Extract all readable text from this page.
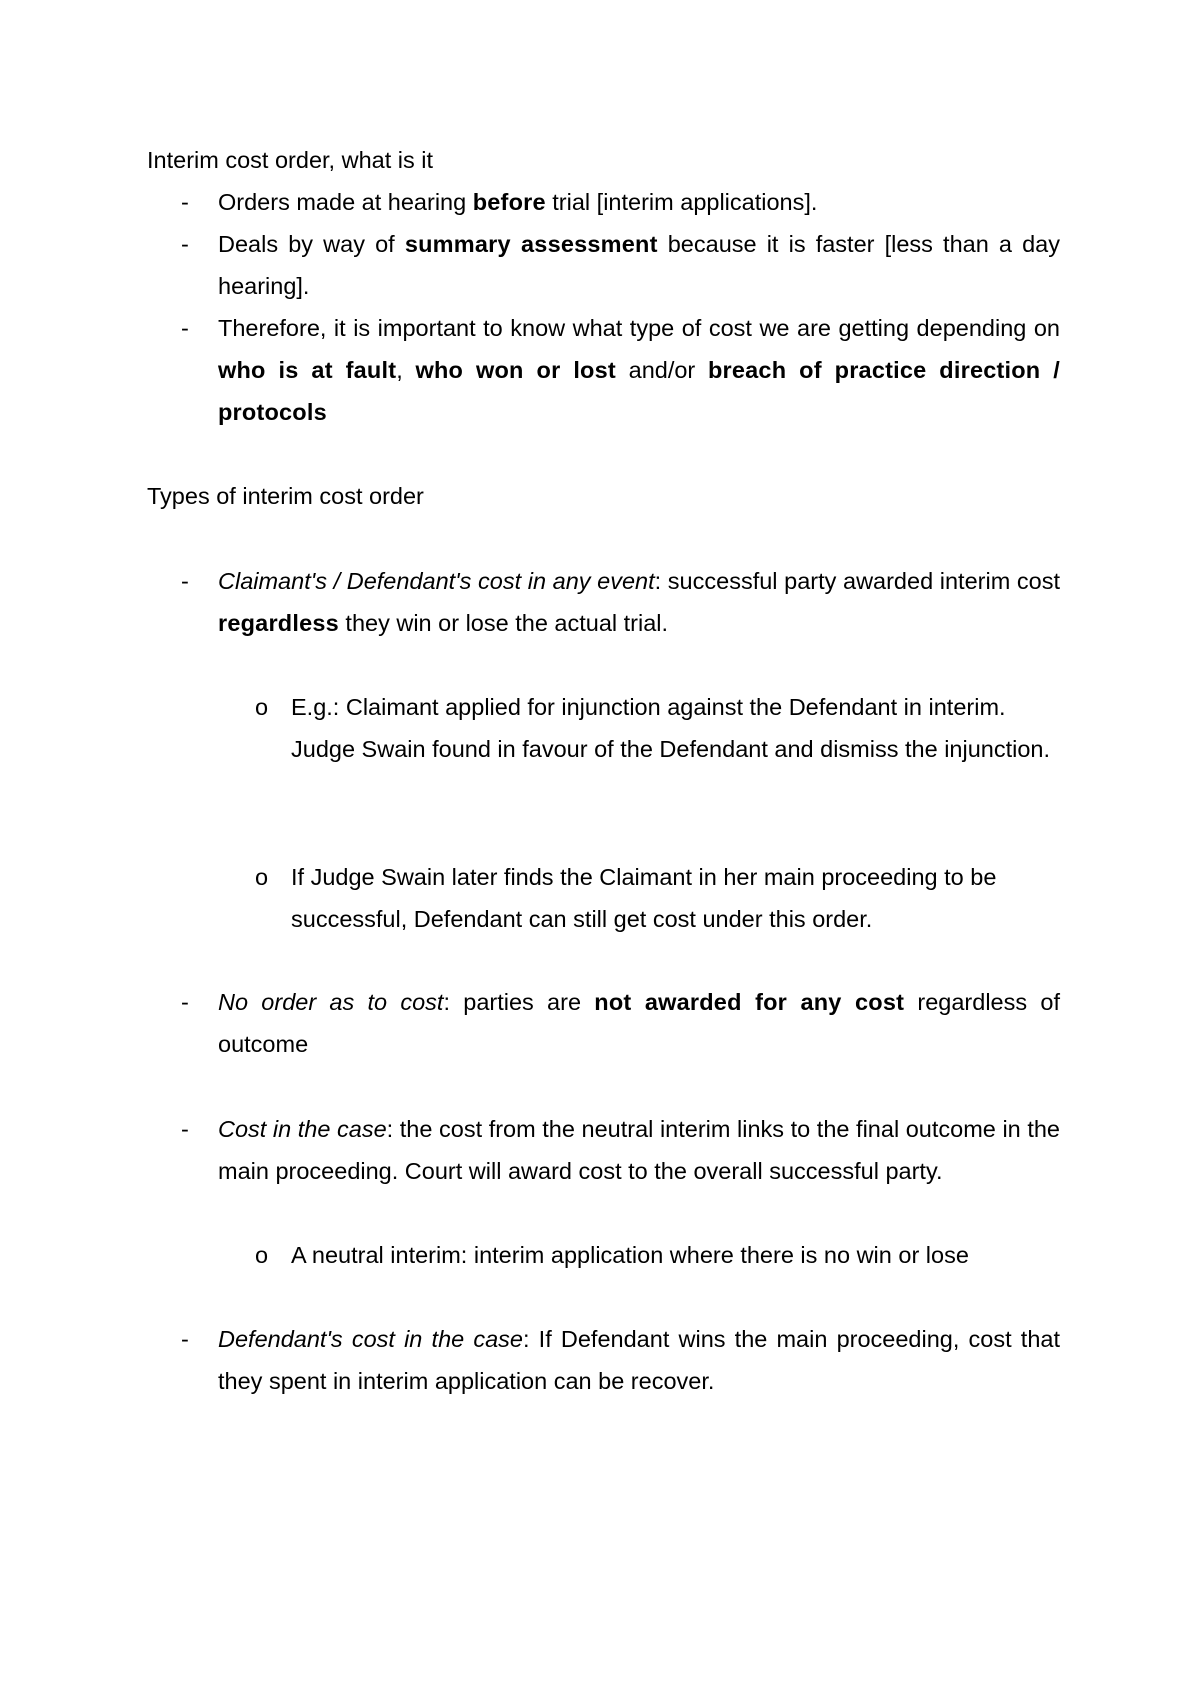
Interim cost order, what is it
-	Orders made at hearing before trial [interim applications].
-	Deals by way of summary assessment because it is faster [less than a day hearing].
-	Therefore, it is important to know what type of cost we are getting depending on who is at fault, who won or lost and/or breach of practice direction / protocols
Types of interim cost order
-	Claimant's / Defendant's cost in any event: successful party awarded interim cost regardless they win or lose the actual trial.
o E.g.: Claimant applied for injunction against the Defendant in interim. Judge Swain found in favour of the Defendant and dismiss the injunction.
o If Judge Swain later finds the Claimant in her main proceeding to be successful, Defendant can still get cost under this order.
-	No order as to cost: parties are not awarded for any cost regardless of outcome
-	Cost in the case: the cost from the neutral interim links to the final outcome in the main proceeding. Court will award cost to the overall successful party.
o A neutral interim: interim application where there is no win or lose
-	Defendant's cost in the case: If Defendant wins the main proceeding, cost that they spent in interim application can be recover.
